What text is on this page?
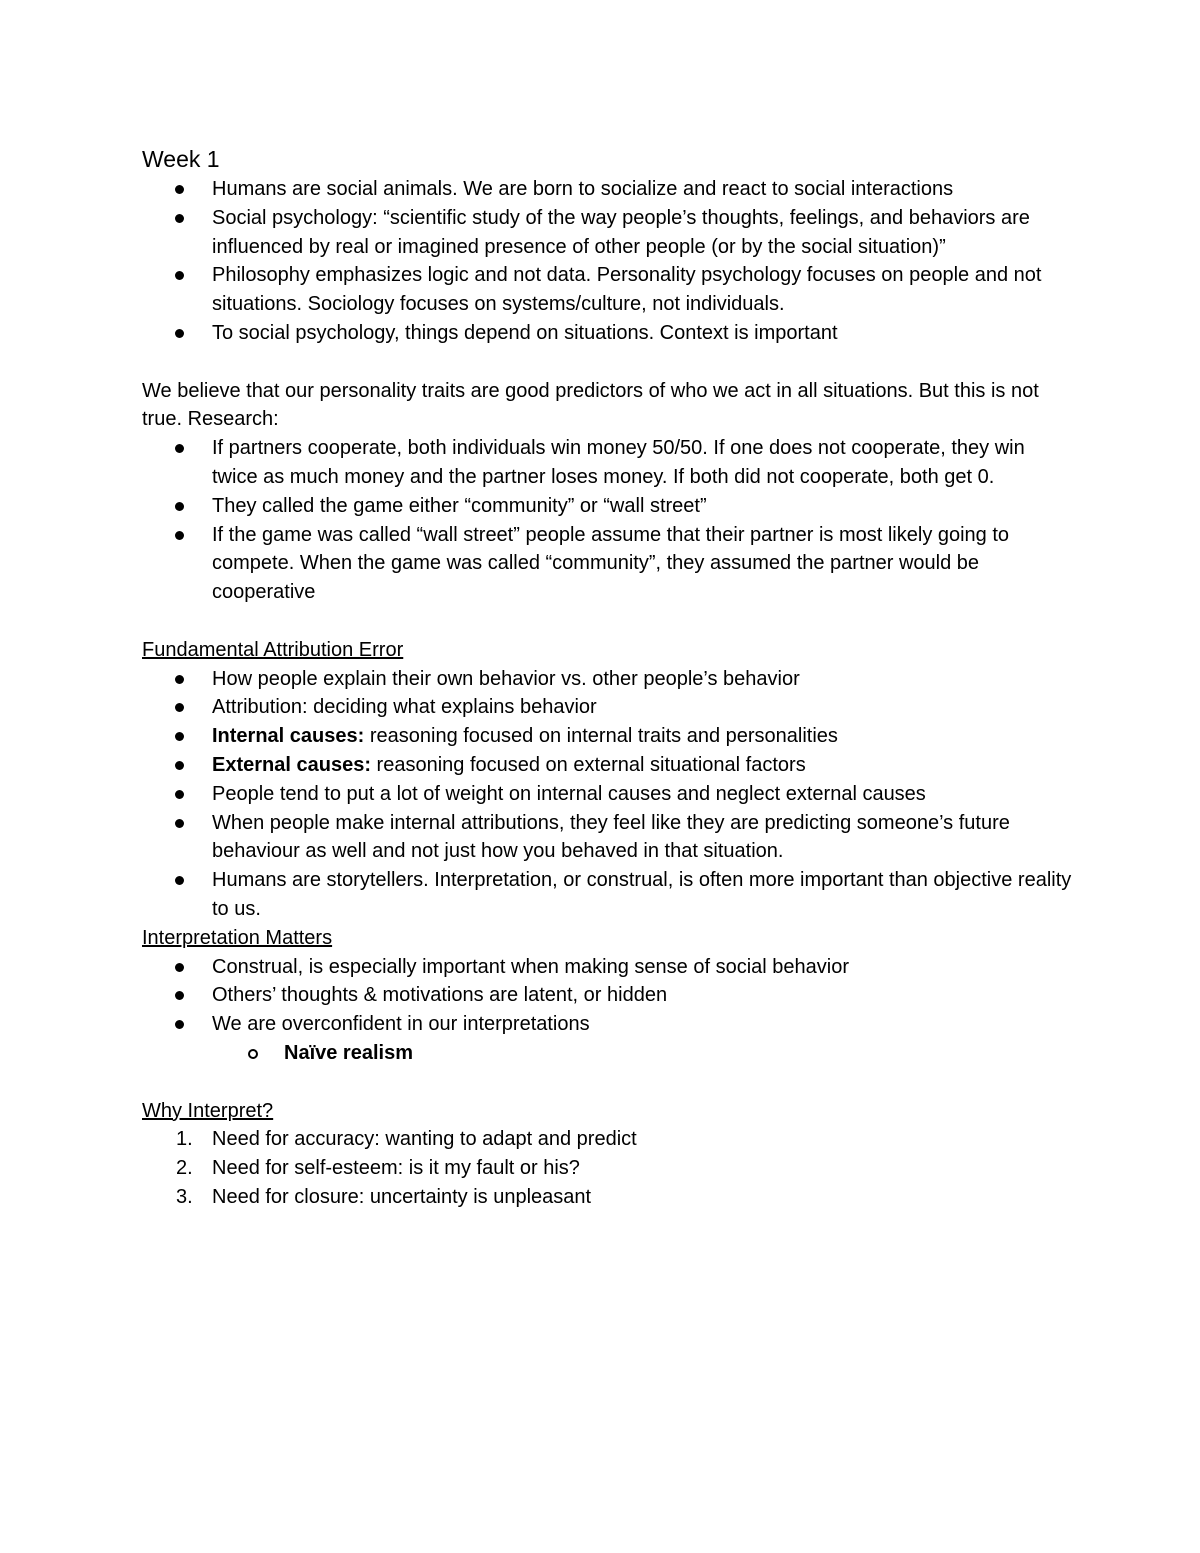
Week 1
Humans are social animals. We are born to socialize and react to social interactions
Social psychology: “scientific study of the way people’s thoughts, feelings, and behaviors are influenced by real or imagined presence of other people (or by the social situation)”
Philosophy emphasizes logic and not data. Personality psychology focuses on people and not situations. Sociology focuses on systems/culture, not individuals.
To social psychology, things depend on situations. Context is important

We believe that our personality traits are good predictors of who we act in all situations. But this is not true. Research:

If partners cooperate, both individuals win money 50/50. If one does not cooperate, they win twice as much money and the partner loses money. If both did not cooperate, both get 0.
They called the game either “community” or “wall street”
If the game was called “wall street” people assume that their partner is most likely going to compete. When the game was called “community”, they assumed the partner would be cooperative
Fundamental Attribution Error
How people explain their own behavior vs. other people’s behavior
Attribution: deciding what explains behavior
Internal causes: reasoning focused on internal traits and personalities
External causes: reasoning focused on external situational factors
People tend to put a lot of weight on internal causes and neglect external causes
When people make internal attributions, they feel like they are predicting someone’s future behaviour as well and not just how you behaved in that situation.
Humans are storytellers. Interpretation, or construal, is often more important than objective reality to us.
Interpretation Matters
Construal, is especially important when making sense of social behavior
Others’ thoughts & motivations are latent, or hidden
We are overconfident in our interpretations
Naïve realism
Why Interpret?
1. Need for accuracy: wanting to adapt and predict
2. Need for self-esteem: is it my fault or his?
3. Need for closure: uncertainty is unpleasant
